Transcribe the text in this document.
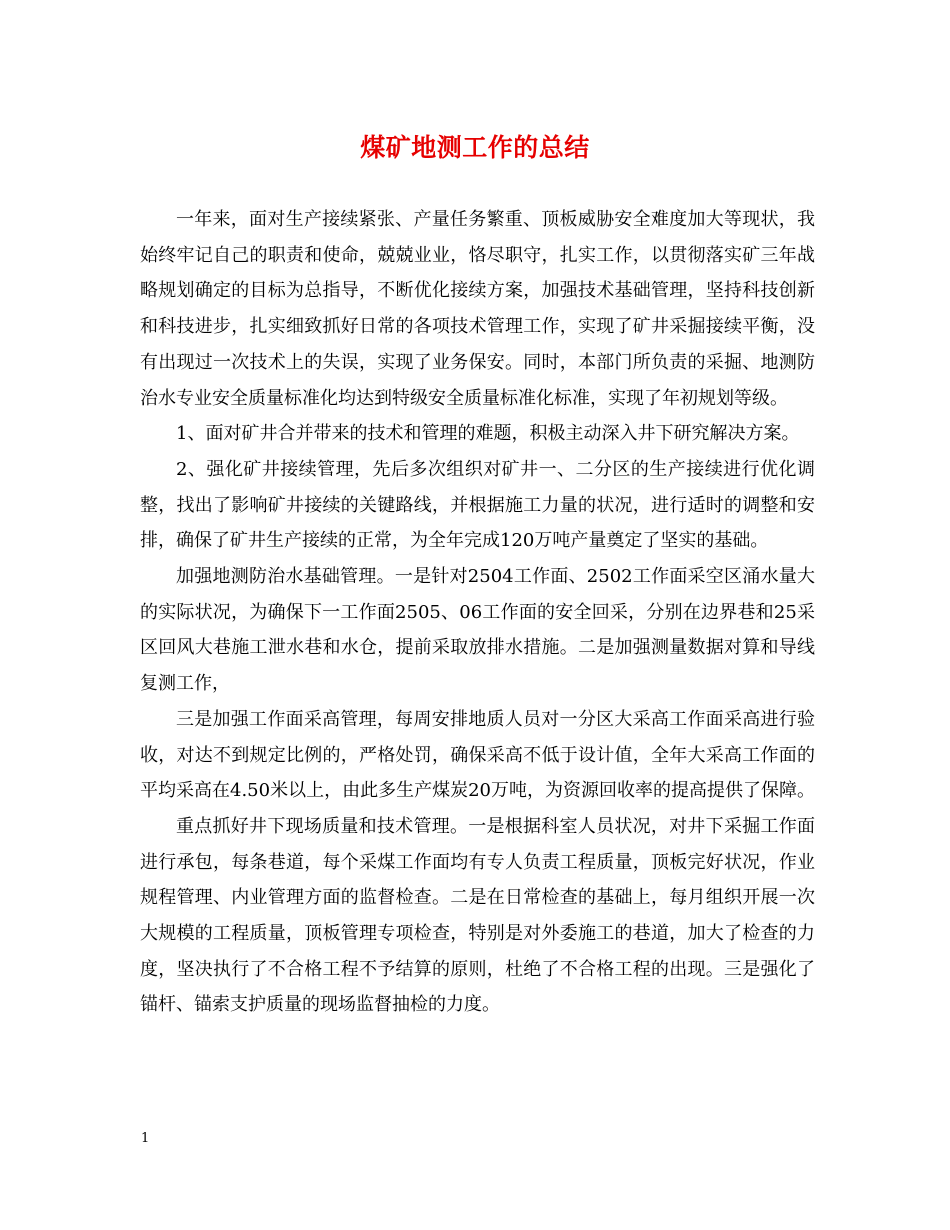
煤矿地测工作的总结

一年来，面对生产接续紧张、产量任务繁重、顶板威胁安全难度加大等现状，我始终牢记自己的职责和使命，兢兢业业，恪尽职守，扎实工作，以贯彻落实矿三年战略规划确定的目标为总指导，不断优化接续方案，加强技术基础管理，坚持科技创新和科技进步，扎实细致抓好日常的各项技术管理工作，实现了矿井采掘接续平衡，没有出现过一次技术上的失误，实现了业务保安。同时，本部门所负责的采掘、地测防治水专业安全质量标准化均达到特级安全质量标准化标准，实现了年初规划等级。

1、面对矿井合并带来的技术和管理的难题，积极主动深入井下研究解决方案。

2、强化矿井接续管理，先后多次组织对矿井一、二分区的生产接续进行优化调整，找出了影响矿井接续的关键路线，并根据施工力量的状况，进行适时的调整和安排，确保了矿井生产接续的正常，为全年完成120万吨产量奠定了坚实的基础。

加强地测防治水基础管理。一是针对2504工作面、2502工作面采空区涌水量大的实际状况，为确保下一工作面2505、06工作面的安全回采，分别在边界巷和25采区回风大巷施工泄水巷和水仓，提前采取放排水措施。二是加强测量数据对算和导线复测工作，

三是加强工作面采高管理，每周安排地质人员对一分区大采高工作面采高进行验收，对达不到规定比例的，严格处罚，确保采高不低于设计值，全年大采高工作面的平均采高在4.50米以上，由此多生产煤炭20万吨，为资源回收率的提高提供了保障。

重点抓好井下现场质量和技术管理。一是根据科室人员状况，对井下采掘工作面进行承包，每条巷道，每个采煤工作面均有专人负责工程质量，顶板完好状况，作业规程管理、内业管理方面的监督检查。二是在日常检查的基础上，每月组织开展一次大规模的工程质量，顶板管理专项检查，特别是对外委施工的巷道，加大了检查的力度，坚决执行了不合格工程不予结算的原则，杜绝了不合格工程的出现。三是强化了锚杆、锚索支护质量的现场监督抽检的力度。

1
